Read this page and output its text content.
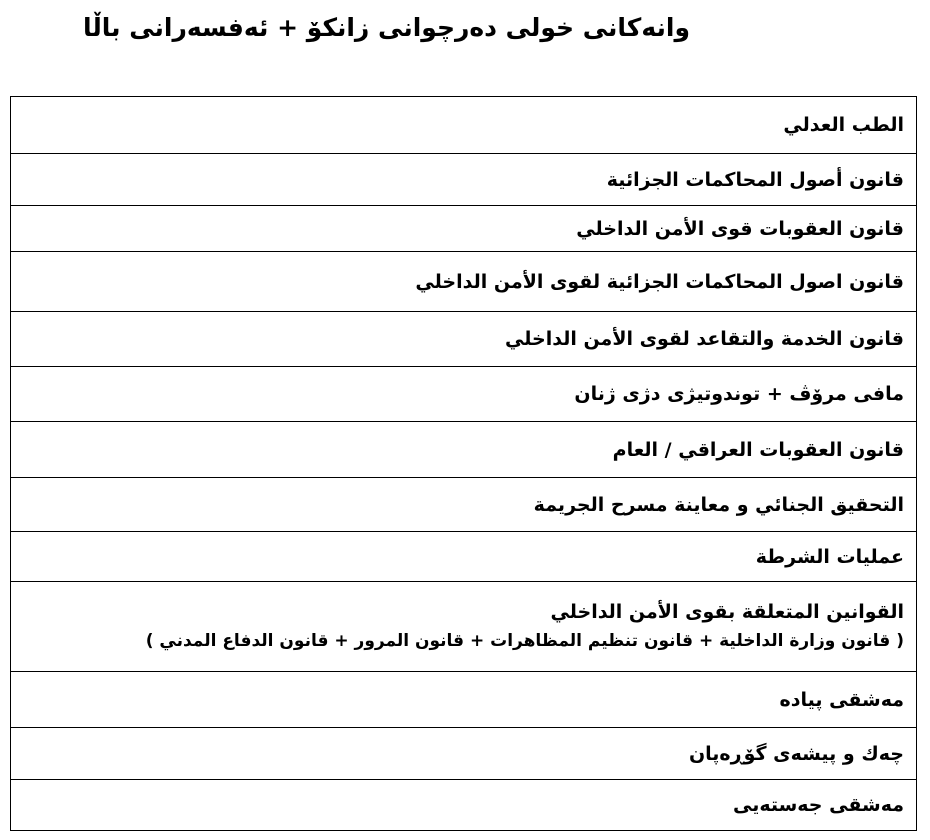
وانەکانی خولی دەرچوانی زانکۆ + ئەفسەرانی باڵا
الطب العدلي

قانون أصول المحاكمات الجزائية

قانون العقوبات قوى الأمن الداخلي

قانون اصول المحاكمات الجزائية لقوى الأمن الداخلي

قانون الخدمة والتقاعد لقوى الأمن الداخلي

مافی مرۆڤ + توندوتیژی دژی ژنان

قانون العقوبات العراقي / العام

التحقيق الجنائي و معاينة مسرح الجريمة

عمليات الشرطة

القوانين المتعلقة بقوى الأمن الداخلي
( قانون وزارة الداخلية + قانون تنظيم المظاهرات + قانون المرور + قانون الدفاع المدني )

مەشقی پیادە

چەك و پیشەی گۆڕەپان

مەشقی جەستەیی
